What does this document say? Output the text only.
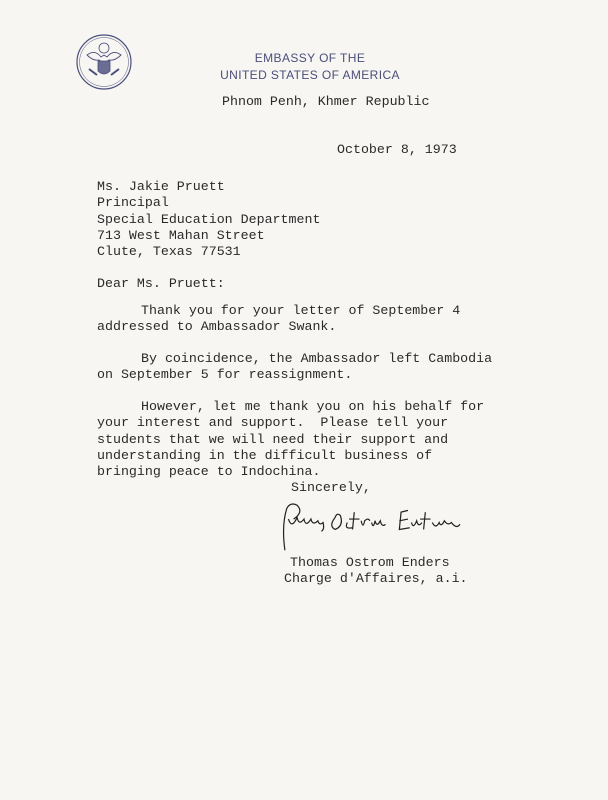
EMBASSY OF THE
UNITED STATES OF AMERICA
Phnom Penh, Khmer Republic
October 8, 1973
Ms. Jakie Pruett
Principal
Special Education Department
713 West Mahan Street
Clute, Texas 77531
Dear Ms. Pruett:
Thank you for your letter of September 4
addressed to Ambassador Swank.
By coincidence, the Ambassador left Cambodia
on September 5 for reassignment.
However, let me thank you on his behalf for
your interest and support.  Please tell your
students that we will need their support and
understanding in the difficult business of
bringing peace to Indochina.
Sincerely,
Thomas Ostrom Enders
Charge d'Affaires, a.i.
